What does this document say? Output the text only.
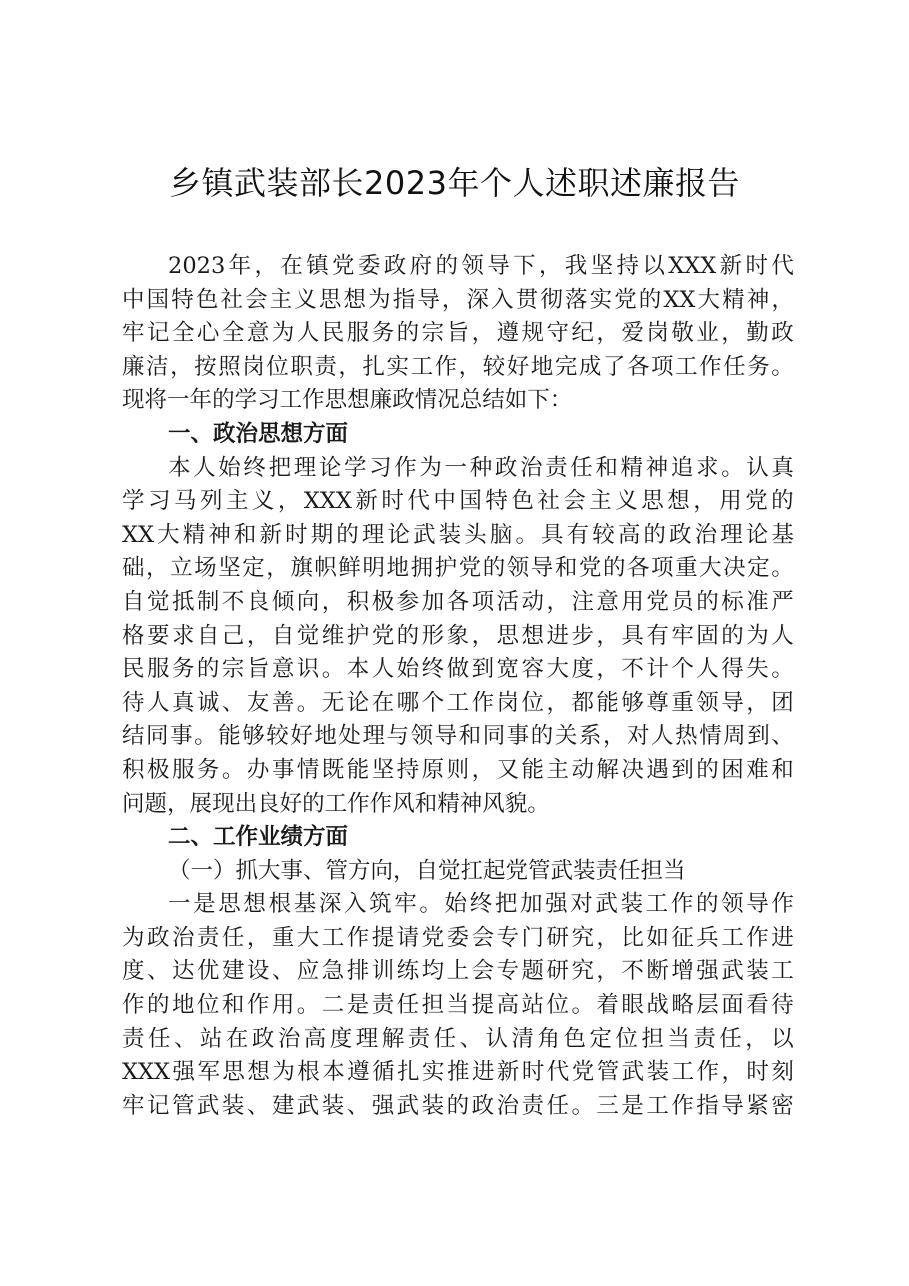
乡镇武装部长2023年个人述职述廉报告
2023 年 ， 在 镇 党 委 政 府 的 领 导 下 ， 我 坚 持 以 XXX 新 时 代
中 国 特 色 社 会 主 义 思 想 为 指 导 ， 深 入 贯 彻 落 实 党 的 XX 大 精 神 ，
牢 记 全 心 全 意 为 人 民 服 务 的 宗 旨 ， 遵 规 守 纪 ， 爱 岗 敬 业 ， 勤 政
廉 洁 ， 按 照 岗 位 职 责 ， 扎 实 工 作 ， 较 好 地 完 成 了 各 项 工 作 任 务 。
现 将 一 年 的 学 习 工 作 思 想 廉 政 情 况 总 结 如 下 ：
一、政治思想方面
本 人 始 终 把 理 论 学 习 作 为 一 种 政 治 责 任 和 精 神 追 求 。 认 真
学 习 马 列 主 义 ， XXX 新 时 代 中 国 特 色 社 会 主 义 思 想 ， 用 党 的
XX 大 精 神 和 新 时 期 的 理 论 武 装 头 脑 。 具 有 较 高 的 政 治 理 论 基
础 ， 立 场 坚 定 ， 旗 帜 鲜 明 地 拥 护 党 的 领 导 和 党 的 各 项 重 大 决 定 。
自 觉 抵 制 不 良 倾 向 ， 积 极 参 加 各 项 活 动 ， 注 意 用 党 员 的 标 准 严
格 要 求 自 己 ， 自 觉 维 护 党 的 形 象 ， 思 想 进 步 ， 具 有 牢 固 的 为 人
民 服 务 的 宗 旨 意 识 。 本 人 始 终 做 到 宽 容 大 度 ， 不 计 个 人 得 失 。
待 人 真 诚 、 友 善 。 无 论 在 哪 个 工 作 岗 位 ， 都 能 够 尊 重 领 导 ， 团
结 同 事 。 能 够 较 好 地 处 理 与 领 导 和 同 事 的 关 系 ， 对 人 热 情 周 到 、
积 极 服 务 。 办 事 情 既 能 坚 持 原 则 ， 又 能 主 动 解 决 遇 到 的 困 难 和
问 题 ， 展 现 出 良 好 的 工 作 作 风 和 精 神 风 貌 。
二、工作业绩方面
（一）抓大事、管方向，自觉扛起党管武装责任担当
一 是 思 想 根 基 深 入 筑 牢 。 始 终 把 加 强 对 武 装 工 作 的 领 导 作
为 政 治 责 任 ， 重 大 工 作 提 请 党 委 会 专 门 研 究 ， 比 如 征 兵 工 作 进
度 、 达 优 建 设 、 应 急 排 训 练 均 上 会 专 题 研 究 ， 不 断 增 强 武 装 工
作 的 地 位 和 作 用 。 二 是 责 任 担 当 提 高 站 位 。 着 眼 战 略 层 面 看 待
责 任 、 站 在 政 治 高 度 理 解 责 任 、 认 清 角 色 定 位 担 当 责 任 ， 以
XXX 强 军 思 想 为 根 本 遵 循 扎 实 推 进 新 时 代 党 管 武 装 工 作 ， 时 刻
牢 记 管 武 装 、 建 武 装 、 强 武 装 的 政 治 责 任 。 三 是 工 作 指 导 紧 密
